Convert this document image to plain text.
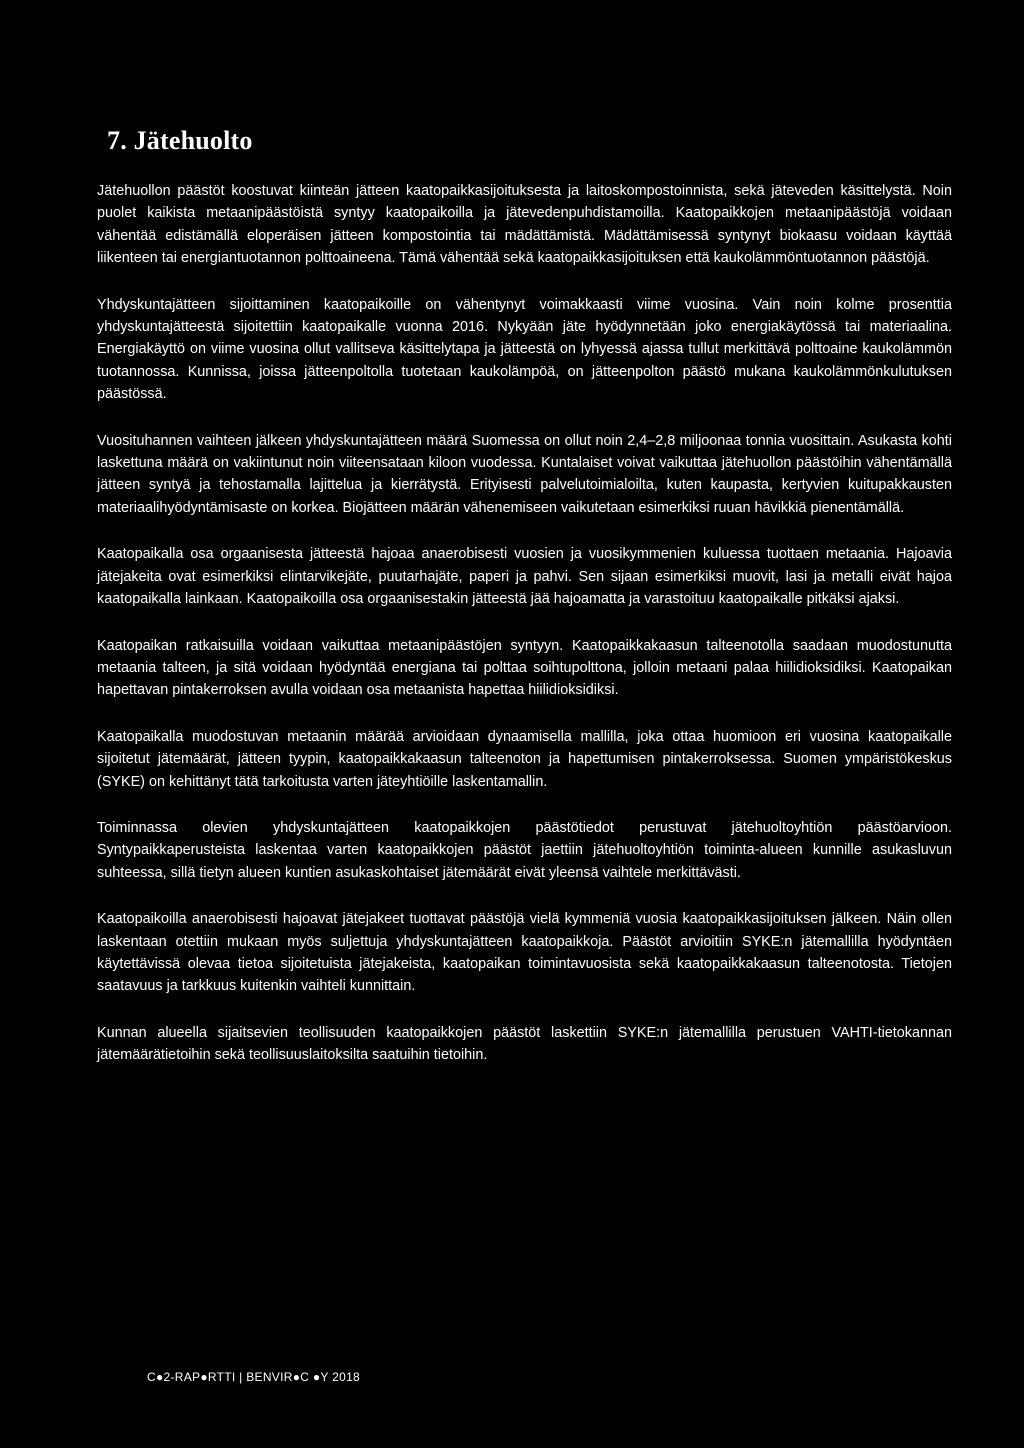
7. Jätehuolto

Jätehuollon päästöt koostuvat kiinteän jätteen kaatopaikkasijoituksesta ja laitoskompostoinnista, sekä jäteveden käsittelystä. Noin puolet kaikista metaanipäästöistä syntyy kaatopaikoilla ja jätevedenpuhdistamoilla. Kaatopaikkojen metaanipäästöjä voidaan vähentää edistämällä eloperäisen jätteen kompostointia tai mädättämistä. Mädättämisessä syntynyt biokaasu voidaan käyttää liikenteen tai energiantuotannon polttoaineena. Tämä vähentää sekä kaatopaikkasijoituksen että kaukolämmöntuotannon päästöjä.

Yhdyskuntajätteen sijoittaminen kaatopaikoille on vähentynyt voimakkaasti viime vuosina. Vain noin kolme prosenttia yhdyskuntajätteestä sijoitettiin kaatopaikalle vuonna 2016. Nykyään jäte hyödynnetään joko energiakäytössä tai materiaalina. Energiakäyttö on viime vuosina ollut vallitseva käsittelytapa ja jätteestä on lyhyessä ajassa tullut merkittävä polttoaine kaukolämmön tuotannossa. Kunnissa, joissa jätteenpoltolla tuotetaan kaukolämpöä, on jätteenpolton päästö mukana kaukolämmönkulutuksen päästössä.

Vuosituhannen vaihteen jälkeen yhdyskuntajätteen määrä Suomessa on ollut noin 2,4–2,8 miljoonaa tonnia vuosittain. Asukasta kohti laskettuna määrä on vakiintunut noin viiteensataan kiloon vuodessa. Kuntalaiset voivat vaikuttaa jätehuollon päästöihin vähentämällä jätteen syntyä ja tehostamalla lajittelua ja kierrätystä. Erityisesti palvelutoimialoilta, kuten kaupasta, kertyvien kuitupakkausten materiaalihyödyntämisaste on korkea. Biojätteen määrän vähenemiseen vaikutetaan esimerkiksi ruuan hävikkiä pienentämällä.

Kaatopaikalla osa orgaanisesta jätteestä hajoaa anaerobisesti vuosien ja vuosikymmenien kuluessa tuottaen metaania. Hajoavia jätejakeita ovat esimerkiksi elintarvikejäte, puutarhajäte, paperi ja pahvi. Sen sijaan esimerkiksi muovit, lasi ja metalli eivät hajoa kaatopaikalla lainkaan. Kaatopaikoilla osa orgaanisestakin jätteestä jää hajoamatta ja varastoituu kaatopaikalle pitkäksi ajaksi.

Kaatopaikan ratkaisuilla voidaan vaikuttaa metaanipäästöjen syntyyn. Kaatopaikkakaasun talteenotolla saadaan muodostunutta metaania talteen, ja sitä voidaan hyödyntää energiana tai polttaa soihtupolttona, jolloin metaani palaa hiilidioksidiksi. Kaatopaikan hapettavan pintakerroksen avulla voidaan osa metaanista hapettaa hiilidioksidiksi.

Kaatopaikalla muodostuvan metaanin määrää arvioidaan dynaamisella mallilla, joka ottaa huomioon eri vuosina kaatopaikalle sijoitetut jätemäärät, jätteen tyypin, kaatopaikkakaasun talteenoton ja hapettumisen pintakerroksessa. Suomen ympäristökeskus (SYKE) on kehittänyt tätä tarkoitusta varten jäteyhtiöille laskentamallin.

Toiminnassa olevien yhdyskuntajätteen kaatopaikkojen päästötiedot perustuvat jätehuoltoyhtiön päästöarvioon. Syntypaikkaperusteista laskentaa varten kaatopaikkojen päästöt jaettiin jätehuoltoyhtiön toiminta-alueen kunnille asukasluvun suhteessa, sillä tietyn alueen kuntien asukaskohtaiset jätemäärät eivät yleensä vaihtele merkittävästi.

Kaatopaikoilla anaerobisesti hajoavat jätejakeet tuottavat päästöjä vielä kymmeniä vuosia kaatopaikkasijoituksen jälkeen. Näin ollen laskentaan otettiin mukaan myös suljettuja yhdyskuntajätteen kaatopaikkoja. Päästöt arvioitiin SYKE:n jätemallilla hyödyntäen käytettävissä olevaa tietoa sijoitetuista jätejakeista, kaatopaikan toimintavuosista sekä kaatopaikkakaasun talteenotosta. Tietojen saatavuus ja tarkkuus kuitenkin vaihteli kunnittain.

Kunnan alueella sijaitsevien teollisuuden kaatopaikkojen päästöt laskettiin SYKE:n jätemallilla perustuen VAHTI-tietokannan jätemäärätietoihin sekä teollisuuslaitoksilta saatuihin tietoihin.

C●2-RAP●RTTI | BENVIR●C ●Y 2018
